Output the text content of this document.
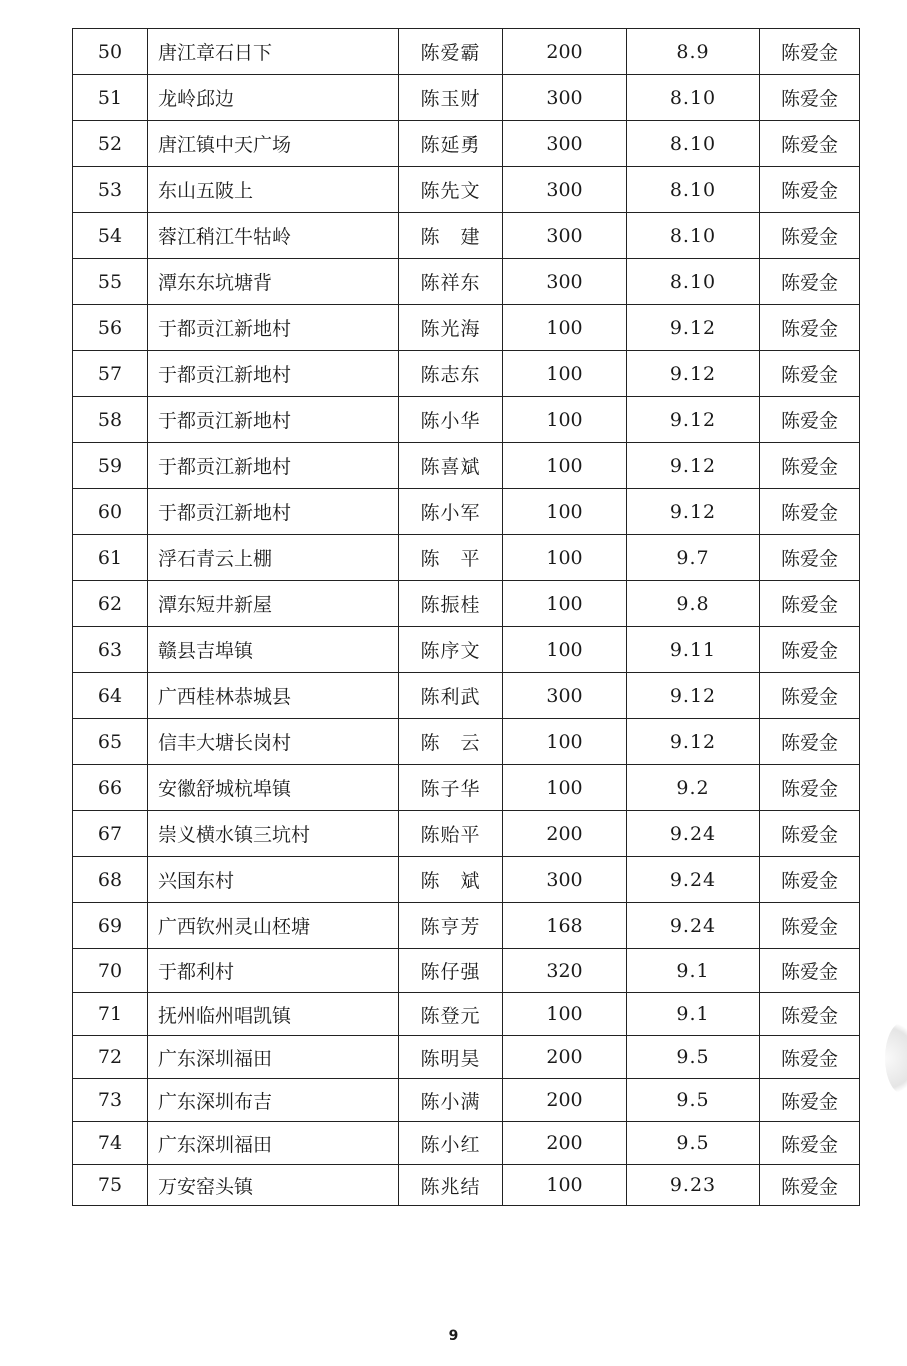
50	唐江章石日下	陈爱霸	200	8.9	陈爱金
51	龙岭邱边	陈玉财	300	8.10	陈爱金
52	唐江镇中天广场	陈延勇	300	8.10	陈爱金
53	东山五陂上	陈先文	300	8.10	陈爱金
54	蓉江稍江牛牯岭	陈　建	300	8.10	陈爱金
55	潭东东坑塘背	陈祥东	300	8.10	陈爱金
56	于都贡江新地村	陈光海	100	9.12	陈爱金
57	于都贡江新地村	陈志东	100	9.12	陈爱金
58	于都贡江新地村	陈小华	100	9.12	陈爱金
59	于都贡江新地村	陈喜斌	100	9.12	陈爱金
60	于都贡江新地村	陈小军	100	9.12	陈爱金
61	浮石青云上棚	陈　平	100	9.7	陈爱金
62	潭东短井新屋	陈振桂	100	9.8	陈爱金
63	赣县吉埠镇	陈序文	100	9.11	陈爱金
64	广西桂林恭城县	陈利武	300	9.12	陈爱金
65	信丰大塘长岗村	陈　云	100	9.12	陈爱金
66	安徽舒城杭埠镇	陈子华	100	9.2	陈爱金
67	崇义横水镇三坑村	陈贻平	200	9.24	陈爱金
68	兴国东村	陈　斌	300	9.24	陈爱金
69	广西钦州灵山柸塘	陈亨芳	168	9.24	陈爱金
70	于都利村	陈仔强	320	9.1	陈爱金
71	抚州临州唱凯镇	陈登元	100	9.1	陈爱金
72	广东深圳福田	陈明昊	200	9.5	陈爱金
73	广东深圳布吉	陈小满	200	9.5	陈爱金
74	广东深圳福田	陈小红	200	9.5	陈爱金
75	万安窑头镇	陈兆结	100	9.23	陈爱金
9
